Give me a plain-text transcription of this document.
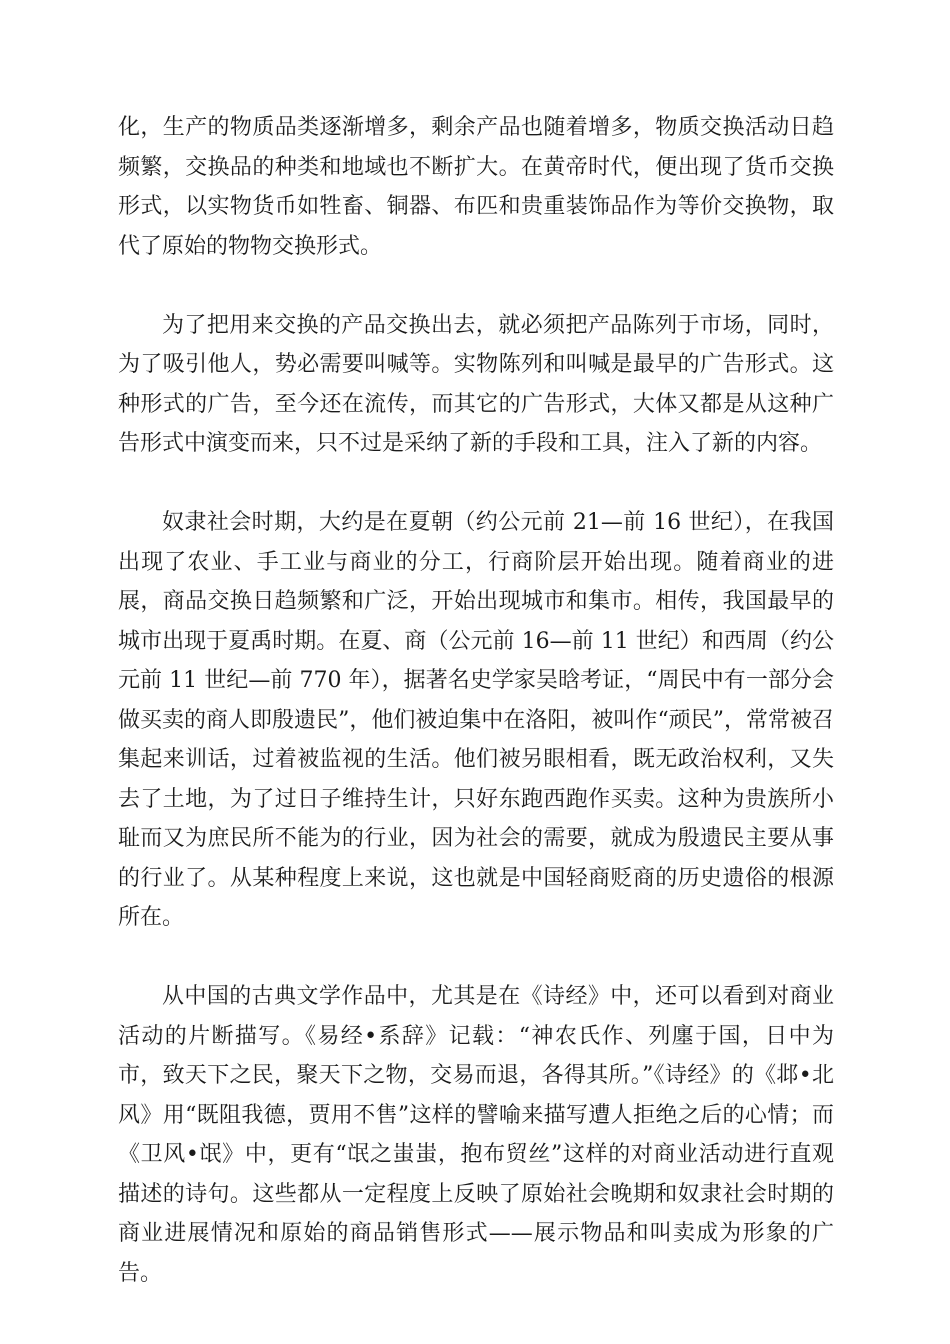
化，生产的物质品类逐渐增多，剩余产品也随着增多，物质交换活动日趋频繁，交换品的种类和地域也不断扩大。在黄帝时代，便出现了货币交换形式，以实物货币如牲畜、铜器、布匹和贵重装饰品作为等价交换物，取代了原始的物物交换形式。

为了把用来交换的产品交换出去，就必须把产品陈列于市场，同时，为了吸引他人，势必需要叫喊等。实物陈列和叫喊是最早的广告形式。这种形式的广告，至今还在流传，而其它的广告形式，大体又都是从这种广告形式中演变而来，只不过是采纳了新的手段和工具，注入了新的内容。

奴隶社会时期，大约是在夏朝（约公元前 21—前 16 世纪），在我国出现了农业、手工业与商业的分工，行商阶层开始出现。随着商业的进展，商品交换日趋频繁和广泛，开始出现城市和集市。相传，我国最早的城市出现于夏禹时期。在夏、商（公元前 16—前 11 世纪）和西周（约公元前 11 世纪—前 770 年），据著名史学家吴晗考证，“周民中有一部分会做买卖的商人即殷遗民”，他们被迫集中在洛阳，被叫作“顽民”，常常被召集起来训话，过着被监视的生活。他们被另眼相看，既无政治权利，又失去了土地，为了过日子维持生计，只好东跑西跑作买卖。这种为贵族所小耻而又为庶民所不能为的行业，因为社会的需要，就成为殷遗民主要从事的行业了。从某种程度上来说，这也就是中国轻商贬商的历史遗俗的根源所在。

从中国的古典文学作品中，尤其是在《诗经》中，还可以看到对商业活动的片断描写。《易经•系辞》记载：“神农氏作、列廛于国，日中为市，致天下之民，聚天下之物，交易而退，各得其所。”《诗经》的《邶•北风》用“既阻我德，贾用不售”这样的譬喻来描写遭人拒绝之后的心情；而《卫风•氓》中，更有“氓之蚩蚩，抱布贸丝”这样的对商业活动进行直观描述的诗句。这些都从一定程度上反映了原始社会晚期和奴隶社会时期的商业进展情况和原始的商品销售形式——展示物品和叫卖成为形象的广告。
